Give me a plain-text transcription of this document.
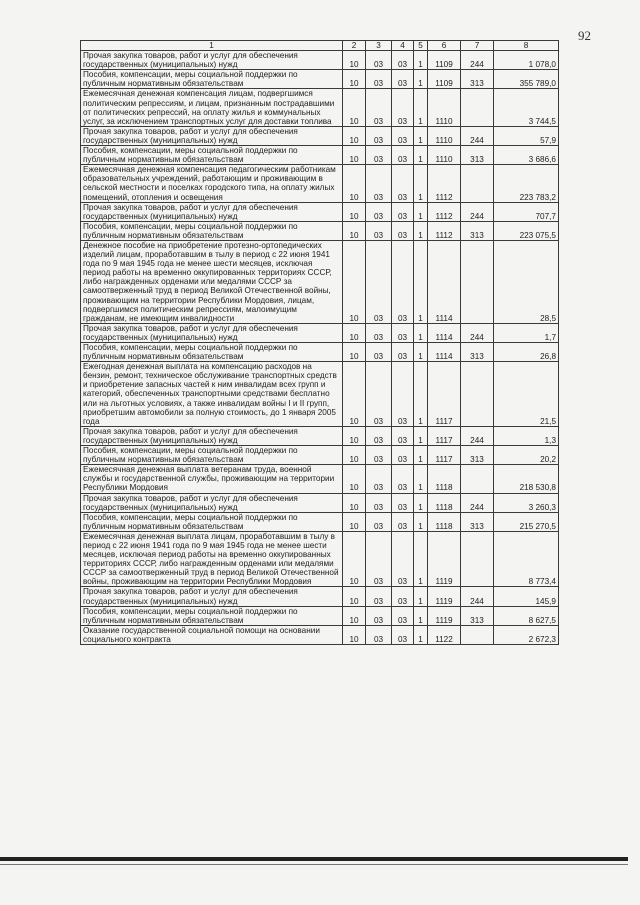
92
1	2	3	4	5	6	7	8
Прочая закупка товаров, работ и услуг для обеспечения государственных (муниципальных) нужд	10	03	03	1	1109	244	1 078,0
Пособия, компенсации, меры социальной поддержки по публичным нормативным обязательствам	10	03	03	1	1109	313	355 789,0
Ежемесячная денежная компенсация лицам, подвергшимся политическим репрессиям, и лицам, признанным пострадавшими от политических репрессий, на оплату жилья и коммунальных услуг, за исключением транспортных услуг для доставки топлива	10	03	03	1	1110		3 744,5
Прочая закупка товаров, работ и услуг для обеспечения государственных (муниципальных) нужд	10	03	03	1	1110	244	57,9
Пособия, компенсации, меры социальной поддержки по публичным нормативным обязательствам	10	03	03	1	1110	313	3 686,6
Ежемесячная денежная компенсация педагогическим работникам образовательных учреждений, работающим и проживающим в сельской местности и поселках городского типа, на оплату жилых помещений, отопления и освещения	10	03	03	1	1112		223 783,2
Прочая закупка товаров, работ и услуг для обеспечения государственных (муниципальных) нужд	10	03	03	1	1112	244	707,7
Пособия, компенсации, меры социальной поддержки по публичным нормативным обязательствам	10	03	03	1	1112	313	223 075,5
Денежное пособие на приобретение протезно-ортопедических изделий лицам, проработавшим в тылу в период с 22 июня 1941 года по 9 мая 1945 года не менее шести месяцев, исключая период работы на временно оккупированных территориях СССР, либо награжденных орденами или медалями СССР за самоотверженный труд в период Великой Отечественной войны, проживающим на территории Республики Мордовия, лицам, подвергшимся политическим репрессиям, малоимущим гражданам, не имеющим инвалидности	10	03	03	1	1114		28,5
Прочая закупка товаров, работ и услуг для обеспечения государственных (муниципальных) нужд	10	03	03	1	1114	244	1,7
Пособия, компенсации, меры социальной поддержки по публичным нормативным обязательствам	10	03	03	1	1114	313	26,8
Ежегодная денежная выплата на компенсацию расходов на бензин, ремонт, техническое обслуживание транспортных средств и приобретение запасных частей к ним инвалидам всех групп и категорий, обеспеченных транспортными средствами бесплатно или на льготных условиях, а также инвалидам войны I и II групп, приобретшим автомобили за полную стоимость, до 1 января 2005 года	10	03	03	1	1117		21,5
Прочая закупка товаров, работ и услуг для обеспечения государственных (муниципальных) нужд	10	03	03	1	1117	244	1,3
Пособия, компенсации, меры социальной поддержки по публичным нормативным обязательствам	10	03	03	1	1117	313	20,2
Ежемесячная денежная выплата ветеранам труда, военной службы и государственной службы, проживающим на территории Республики Мордовия	10	03	03	1	1118		218 530,8
Прочая закупка товаров, работ и услуг для обеспечения государственных (муниципальных) нужд	10	03	03	1	1118	244	3 260,3
Пособия, компенсации, меры социальной поддержки по публичным нормативным обязательствам	10	03	03	1	1118	313	215 270,5
Ежемесячная денежная выплата лицам, проработавшим в тылу в период с 22 июня 1941 года по 9 мая 1945 года не менее шести месяцев, исключая период работы на временно оккупированных территориях СССР, либо награжденным орденами или медалями СССР за самоотверженный труд в период Великой Отечественной войны, проживающим на территории Республики Мордовия	10	03	03	1	1119		8 773,4
Прочая закупка товаров, работ и услуг для обеспечения государственных (муниципальных) нужд	10	03	03	1	1119	244	145,9
Пособия, компенсации, меры социальной поддержки по публичным нормативным обязательствам	10	03	03	1	1119	313	8 627,5
Оказание государственной социальной помощи на основании социального контракта	10	03	03	1	1122		2 672,3
